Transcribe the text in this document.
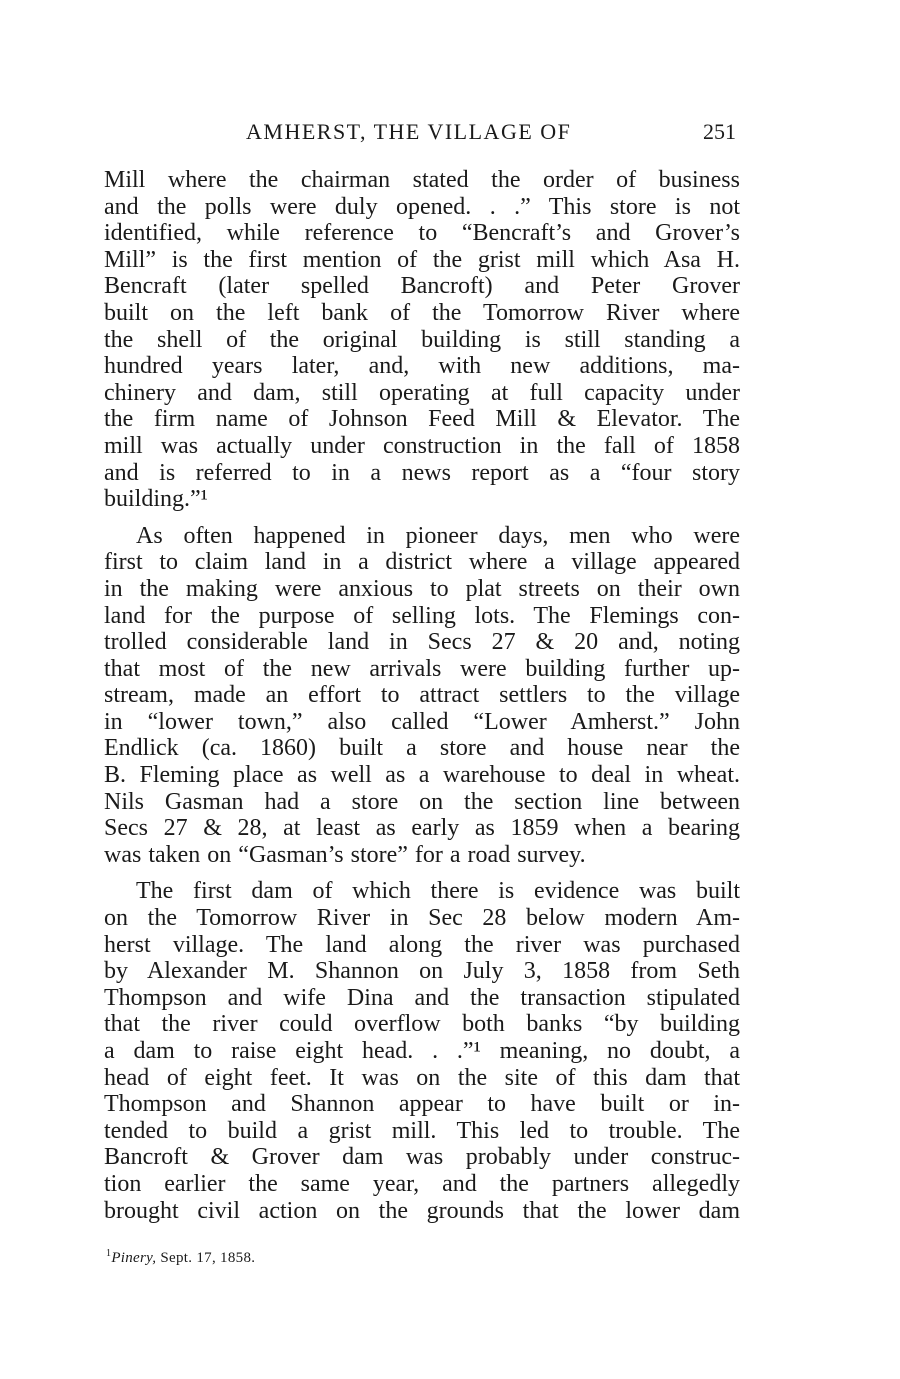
AMHERST, THE VILLAGE OF	251
Mill where the chairman stated the order of business
and the polls were duly opened. . .” This store is not
identified, while reference to “Bencraft’s and Grover’s
Mill” is the first mention of the grist mill which Asa H.
Bencraft (later spelled Bancroft) and Peter Grover
built on the left bank of the Tomorrow River where
the shell of the original building is still standing a
hundred years later, and, with new additions, ma-
chinery and dam, still operating at full capacity under
the firm name of Johnson Feed Mill & Elevator. The
mill was actually under construction in the fall of 1858
and is referred to in a news report as a “four story
building.”¹
As often happened in pioneer days, men who were
first to claim land in a district where a village appeared
in the making were anxious to plat streets on their own
land for the purpose of selling lots. The Flemings con-
trolled considerable land in Secs 27 & 20 and, noting
that most of the new arrivals were building further up-
stream, made an effort to attract settlers to the village
in “lower town,” also called “Lower Amherst.” John
Endlick (ca. 1860) built a store and house near the
B. Fleming place as well as a warehouse to deal in wheat.
Nils Gasman had a store on the section line between
Secs 27 & 28, at least as early as 1859 when a bearing
was taken on “Gasman’s store” for a road survey.
The first dam of which there is evidence was built
on the Tomorrow River in Sec 28 below modern Am-
herst village. The land along the river was purchased
by Alexander M. Shannon on July 3, 1858 from Seth
Thompson and wife Dina and the transaction stipulated
that the river could overflow both banks “by building
a dam to raise eight head. . .”¹ meaning, no doubt, a
head of eight feet. It was on the site of this dam that
Thompson and Shannon appear to have built or in-
tended to build a grist mill. This led to trouble. The
Bancroft & Grover dam was probably under construc-
tion earlier the same year, and the partners allegedly
brought civil action on the grounds that the lower dam
$^1$Pinery, Sept. 17, 1858.
